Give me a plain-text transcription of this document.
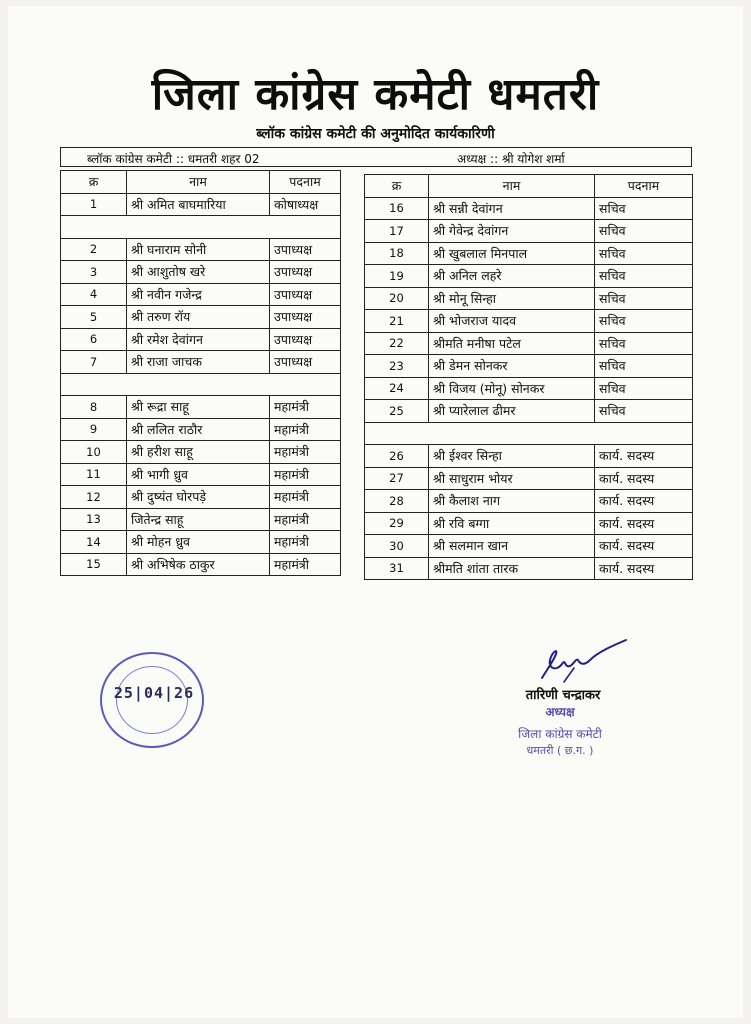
जिला कांग्रेस कमेटी धमतरी
ब्लॉक कांग्रेस कमेटी की अनुमोदित कार्यकारिणी
ब्लॉक कांग्रेस कमेटी :: धमतरी शहर 02	अध्यक्ष :: श्री योगेश शर्मा
क्र	नाम	पदनाम
1	श्री अमित बाघमारिया	कोषाध्यक्ष

2	श्री घनाराम सोनी	उपाध्यक्ष
3	श्री आशुतोष खरे	उपाध्यक्ष
4	श्री नवीन गजेन्द्र	उपाध्यक्ष
5	श्री तरुण रॉय	उपाध्यक्ष
6	श्री रमेश देवांगन	उपाध्यक्ष
7	श्री राजा जाचक	उपाध्यक्ष

8	श्री रूद्रा साहू	महामंत्री
9	श्री ललित राठौर	महामंत्री
10	श्री हरीश साहू	महामंत्री
11	श्री भागी ध्रुव	महामंत्री
12	श्री दुष्यंत घोरपड़े	महामंत्री
13	जितेन्द्र साहू	महामंत्री
14	श्री मोहन ध्रुव	महामंत्री
15	श्री अभिषेक ठाकुर	महामंत्री
क्र	नाम	पदनाम
16	श्री सन्नी देवांगन	सचिव
17	श्री गेवेन्द्र देवांगन	सचिव
18	श्री खुबलाल मिनपाल	सचिव
19	श्री अनिल लहरे	सचिव
20	श्री मोनू सिन्हा	सचिव
21	श्री भोजराज यादव	सचिव
22	श्रीमति मनीषा पटेल	सचिव
23	श्री डेमन सोनकर	सचिव
24	श्री विजय (मोनू) सोनकर	सचिव
25	श्री प्यारेलाल ढीमर	सचिव

26	श्री ईश्वर सिन्हा	कार्य. सदस्य
27	श्री साधुराम भोयर	कार्य. सदस्य
28	श्री कैलाश नाग	कार्य. सदस्य
29	श्री रवि बग्गा	कार्य. सदस्य
30	श्री सलमान खान	कार्य. सदस्य
31	श्रीमति शांता तारक	कार्य. सदस्य
25|04|26	तारिणी चन्द्राकर
अध्यक्ष
जिला कांग्रेस कमेटी
धमतरी ( छ.ग. )
